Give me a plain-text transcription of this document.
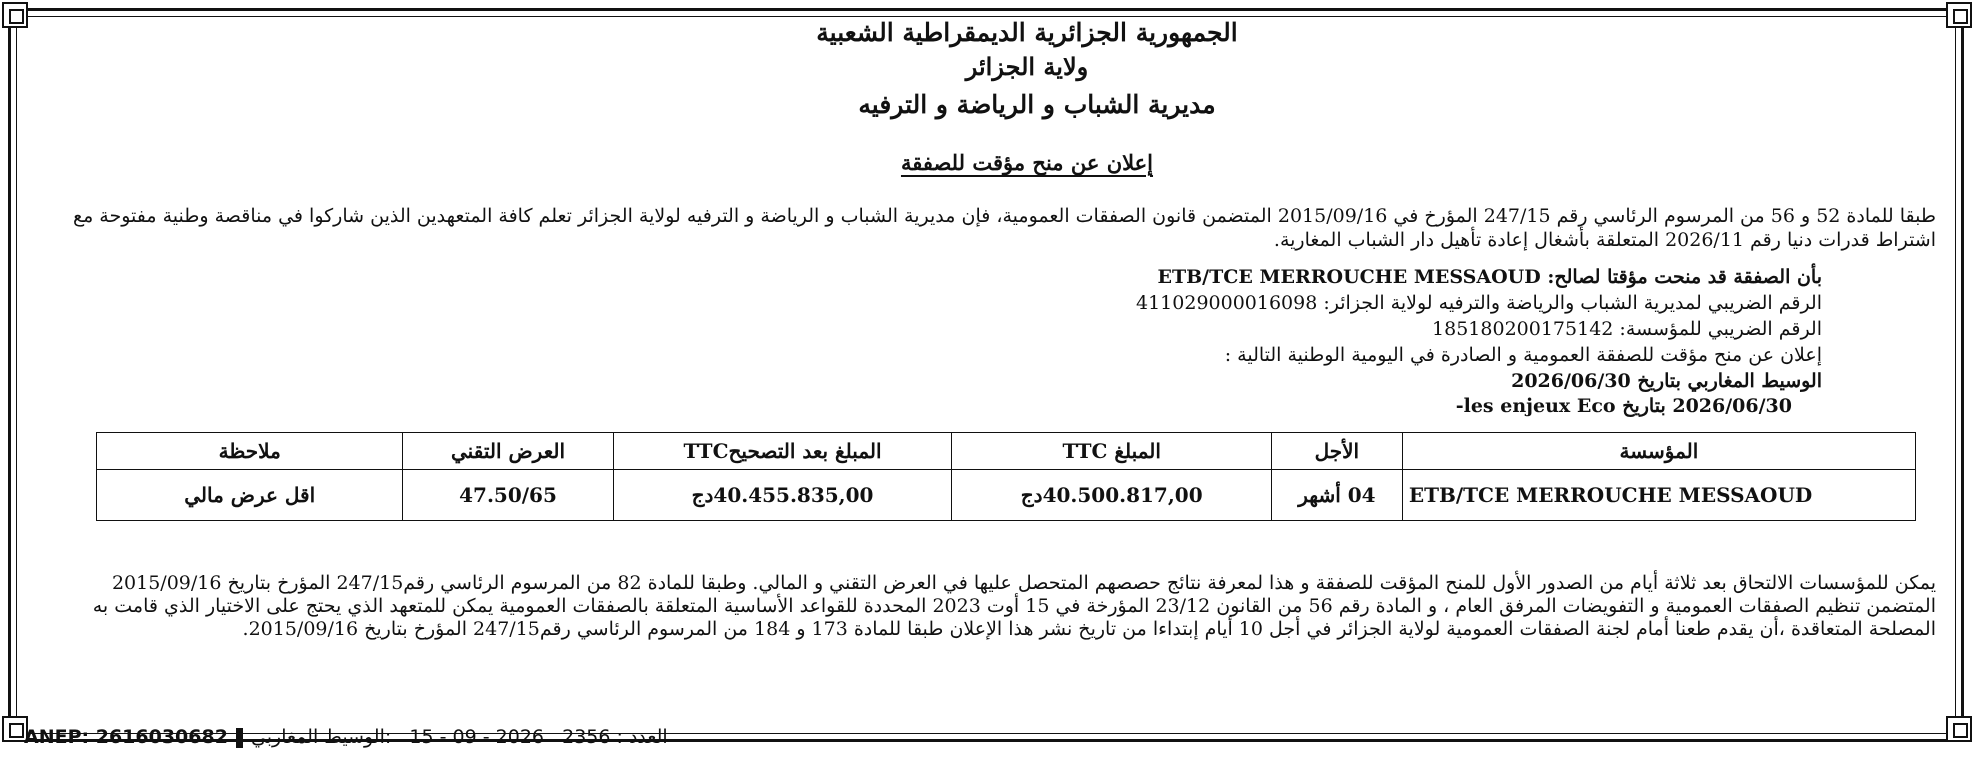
الجمهورية الجزائرية الديمقراطية الشعبية
ولاية الجزائر
مديرية الشباب و الرياضة و الترفيه
إعلان عن منح مؤقت للصفقة
طبقا للمادة 52 و 56 من المرسوم الرئاسي رقم 247/15 المؤرخ في 2015/09/16 المتضمن قانون الصفقات العمومية، فإن مديرية الشباب و الرياضة و الترفيه لولاية الجزائر تعلم كافة المتعهدين الذين شاركوا في مناقصة وطنية مفتوحة مع اشتراط قدرات دنيا رقم 2026/11 المتعلقة بأشغال إعادة تأهيل دار الشباب المغارية.
بأن الصفقة قد منحت مؤقتا لصالح: ETB/TCE MERROUCHE MESSAOUD
الرقم الضريبي لمديرية الشباب والرياضة والترفيه لولاية الجزائر: 411029000016098
الرقم الضريبي للمؤسسة: 185180200175142
إعلان عن منح مؤقت للصفقة العمومية و الصادرة في اليومية الوطنية التالية :
الوسيط المغاربي بتاريخ 2026/06/30
2026/06/30 بتاريخ les enjeux Eco-
المؤسسة	الأجل	المبلغ TTC	المبلغ بعد التصحيحTTC	العرض التقني	ملاحظة
ETB/TCE MERROUCHE MESSAOUD	04 أشهر	40.500.817,00دج	40.455.835,00دج	47.50/65	اقل عرض مالي
يمكن للمؤسسات الالتحاق بعد ثلاثة أيام من الصدور الأول للمنح المؤقت للصفقة و هذا لمعرفة نتائج حصصهم المتحصل عليها في العرض التقني و المالي. وطبقا للمادة 82 من المرسوم الرئاسي رقم247/15 المؤرخ بتاريخ 2015/09/16 المتضمن تنظيم الصفقات العمومية و التفويضات المرفق العام ، و المادة رقم 56 من القانون 23/12 المؤرخة في 15 أوت 2023 المحددة للقواعد الأساسية المتعلقة بالصفقات العمومية يمكن للمتعهد الذي يحتج على الاختيار الذي قامت به المصلحة المتعاقدة ،أن يقدم طعنا أمام لجنة الصفقات العمومية لولاية الجزائر في أجل 10 أيام إبتداءا من تاريخ نشر هذا الإعلان طبقا للمادة 173 و 184 من المرسوم الرئاسي رقم247/15 المؤرخ بتاريخ 2015/09/16.
ANEP: 2616030682	العدد : 2356   2026 - 09 - 15   :الوسيط المغاربي
